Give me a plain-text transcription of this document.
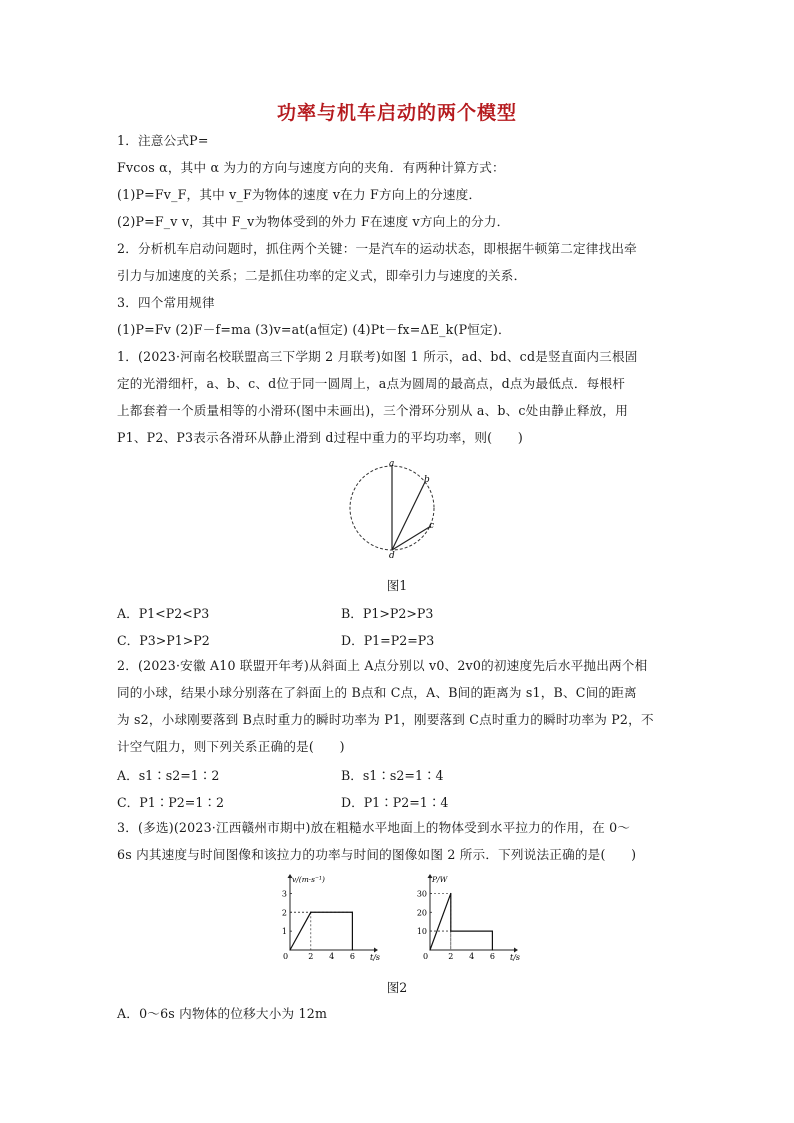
功率与机车启动的两个模型
1．注意公式P=
Fvcos α，其中 α 为力的方向与速度方向的夹角．有两种计算方式：
(1)P=Fv_F，其中 v_F为物体的速度 v在力 F方向上的分速度．
(2)P=F_v v，其中 F_v为物体受到的外力 F在速度 v方向上的分力．
2．分析机车启动问题时，抓住两个关键：一是汽车的运动状态，即根据牛顿第二定律找出牵
引力与加速度的关系；二是抓住功率的定义式，即牵引力与速度的关系．
3．四个常用规律
(1)P=Fv (2)F－f=ma (3)v=at(a恒定) (4)Pt－fx=ΔE_k(P恒定)．
1．(2023·河南名校联盟高三下学期 2 月联考)如图 1 所示，ad、bd、cd是竖直面内三根固
定的光滑细杆，a、b、c、d位于同一圆周上，a点为圆周的最高点，d点为最低点．每根杆
上都套着一个质量相等的小滑环(图中未画出)，三个滑环分别从 a、b、c处由静止释放，用
P1、P2、P3表示各滑环从静止滑到 d过程中重力的平均功率，则(　　)
a
b
c
d
图1
A．P1<P2<P3	B．P1>P2>P3
C．P3>P1>P2	D．P1=P2=P3
2．(2023·安徽 A10 联盟开年考)从斜面上 A点分别以 v0、2v0的初速度先后水平抛出两个相
同的小球，结果小球分别落在了斜面上的 B点和 C点，A、B间的距离为 s1，B、C间的距离
为 s2，小球刚要落到 B点时重力的瞬时功率为 P1，刚要落到 C点时重力的瞬时功率为 P2，不
计空气阻力，则下列关系正确的是(　　)
A．s1∶s2=1∶2	B．s1∶s2=1∶4
C．P1∶P2=1∶2	D．P1∶P2=1∶4
3．(多选)(2023·江西赣州市期中)放在粗糙水平地面上的物体受到水平拉力的作用，在 0～
6s 内其速度与时间图像和该拉力的功率与时间的图像如图 2 所示．下列说法正确的是(　　)
v/(m·s⁻¹)
t/s
0	2 4 6
1
2
3
P/W
t/s
0	2 4 6
10
20
30
图2
A．0～6s 内物体的位移大小为 12m
